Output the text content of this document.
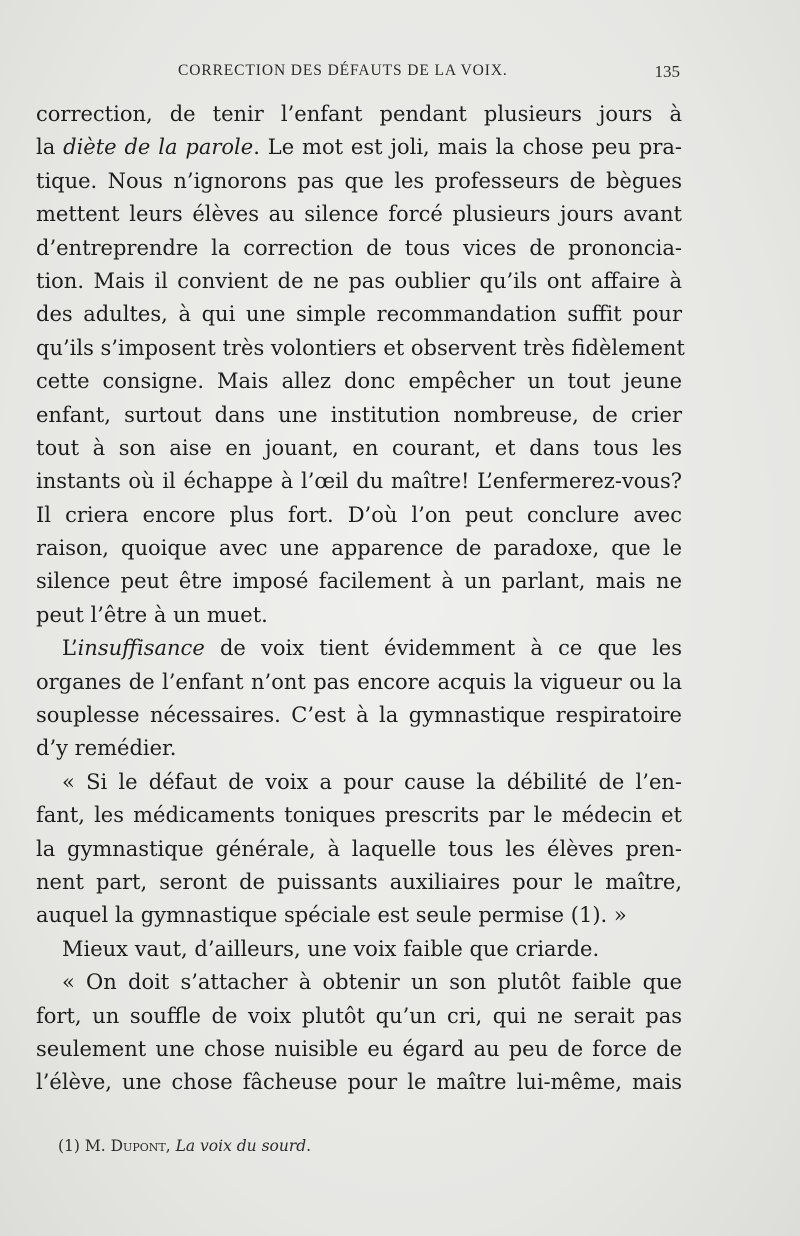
CORRECTION DES DÉFAUTS DE LA VOIX.	135
correction, de tenir l’enfant pendant plusieurs jours à
la diète de la parole. Le mot est joli, mais la chose peu pra-
tique. Nous n’ignorons pas que les professeurs de bègues
mettent leurs élèves au silence forcé plusieurs jours avant
d’entreprendre la correction de tous vices de prononcia-
tion. Mais il convient de ne pas oublier qu’ils ont affaire à
des adultes, à qui une simple recommandation suffit pour
qu’ils s’imposent très volontiers et observent très fidèlement
cette consigne. Mais allez donc empêcher un tout jeune
enfant, surtout dans une institution nombreuse, de crier
tout à son aise en jouant, en courant, et dans tous les
instants où il échappe à l’œil du maître! L’enfermerez-vous?
Il criera encore plus fort. D’où l’on peut conclure avec
raison, quoique avec une apparence de paradoxe, que le
silence peut être imposé facilement à un parlant, mais ne
peut l’être à un muet.
L’insuffisance de voix tient évidemment à ce que les
organes de l’enfant n’ont pas encore acquis la vigueur ou la
souplesse nécessaires. C’est à la gymnastique respiratoire
d’y remédier.
« Si le défaut de voix a pour cause la débilité de l’en-
fant, les médicaments toniques prescrits par le médecin et
la gymnastique générale, à laquelle tous les élèves pren-
nent part, seront de puissants auxiliaires pour le maître,
auquel la gymnastique spéciale est seule permise (1). »
Mieux vaut, d’ailleurs, une voix faible que criarde.
« On doit s’attacher à obtenir un son plutôt faible que
fort, un souffle de voix plutôt qu’un cri, qui ne serait pas
seulement une chose nuisible eu égard au peu de force de
l’élève, une chose fâcheuse pour le maître lui-même, mais
(1) M. Dupont, La voix du sourd.
